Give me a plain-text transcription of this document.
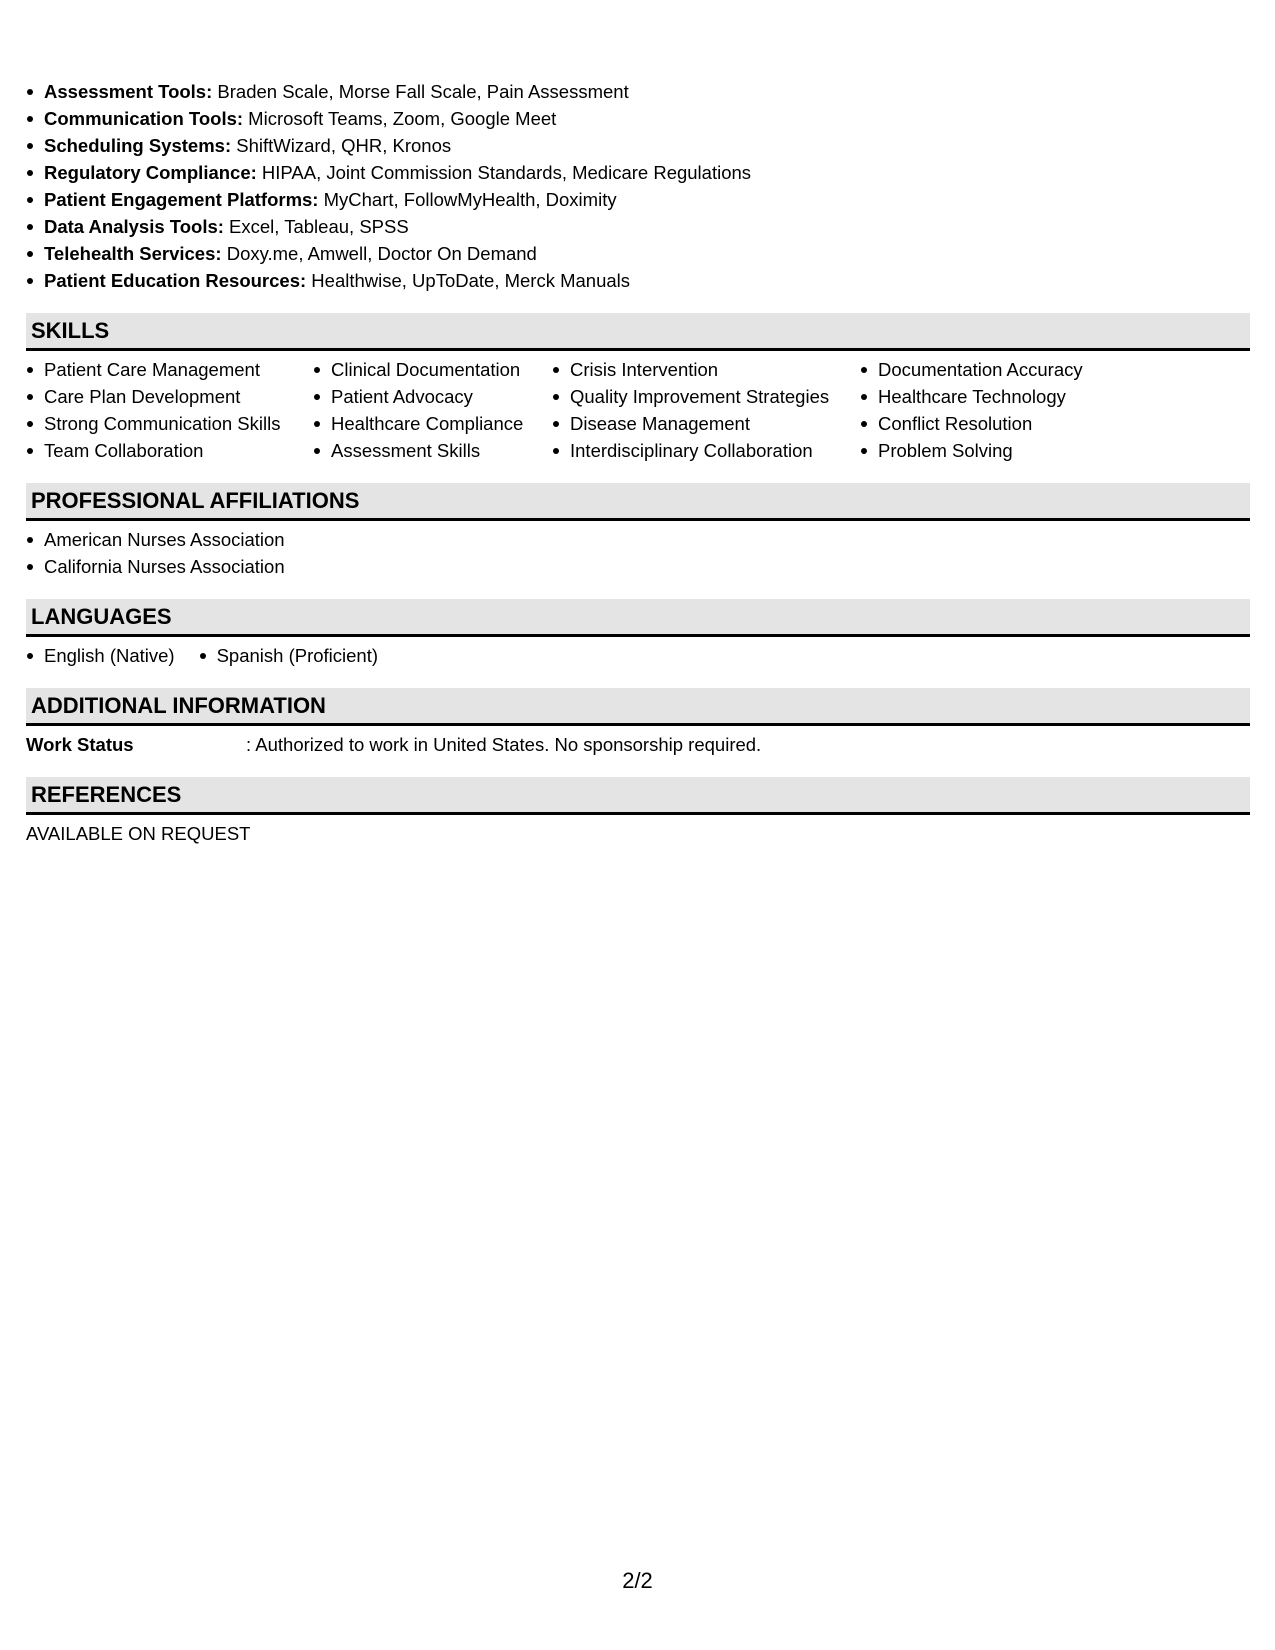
Assessment Tools: Braden Scale, Morse Fall Scale, Pain Assessment
Communication Tools: Microsoft Teams, Zoom, Google Meet
Scheduling Systems: ShiftWizard, QHR, Kronos
Regulatory Compliance: HIPAA, Joint Commission Standards, Medicare Regulations
Patient Engagement Platforms: MyChart, FollowMyHealth, Doximity
Data Analysis Tools: Excel, Tableau, SPSS
Telehealth Services: Doxy.me, Amwell, Doctor On Demand
Patient Education Resources: Healthwise, UpToDate, Merck Manuals
SKILLS
Patient Care Management
Care Plan Development
Strong Communication Skills
Team Collaboration
Clinical Documentation
Patient Advocacy
Healthcare Compliance
Assessment Skills
Crisis Intervention
Quality Improvement Strategies
Disease Management
Interdisciplinary Collaboration
Documentation Accuracy
Healthcare Technology
Conflict Resolution
Problem Solving
PROFESSIONAL AFFILIATIONS
American Nurses Association
California Nurses Association
LANGUAGES
English (Native)	Spanish (Proficient)
ADDITIONAL INFORMATION
Work Status	: Authorized to work in United States. No sponsorship required.
REFERENCES
AVAILABLE ON REQUEST
2/2
